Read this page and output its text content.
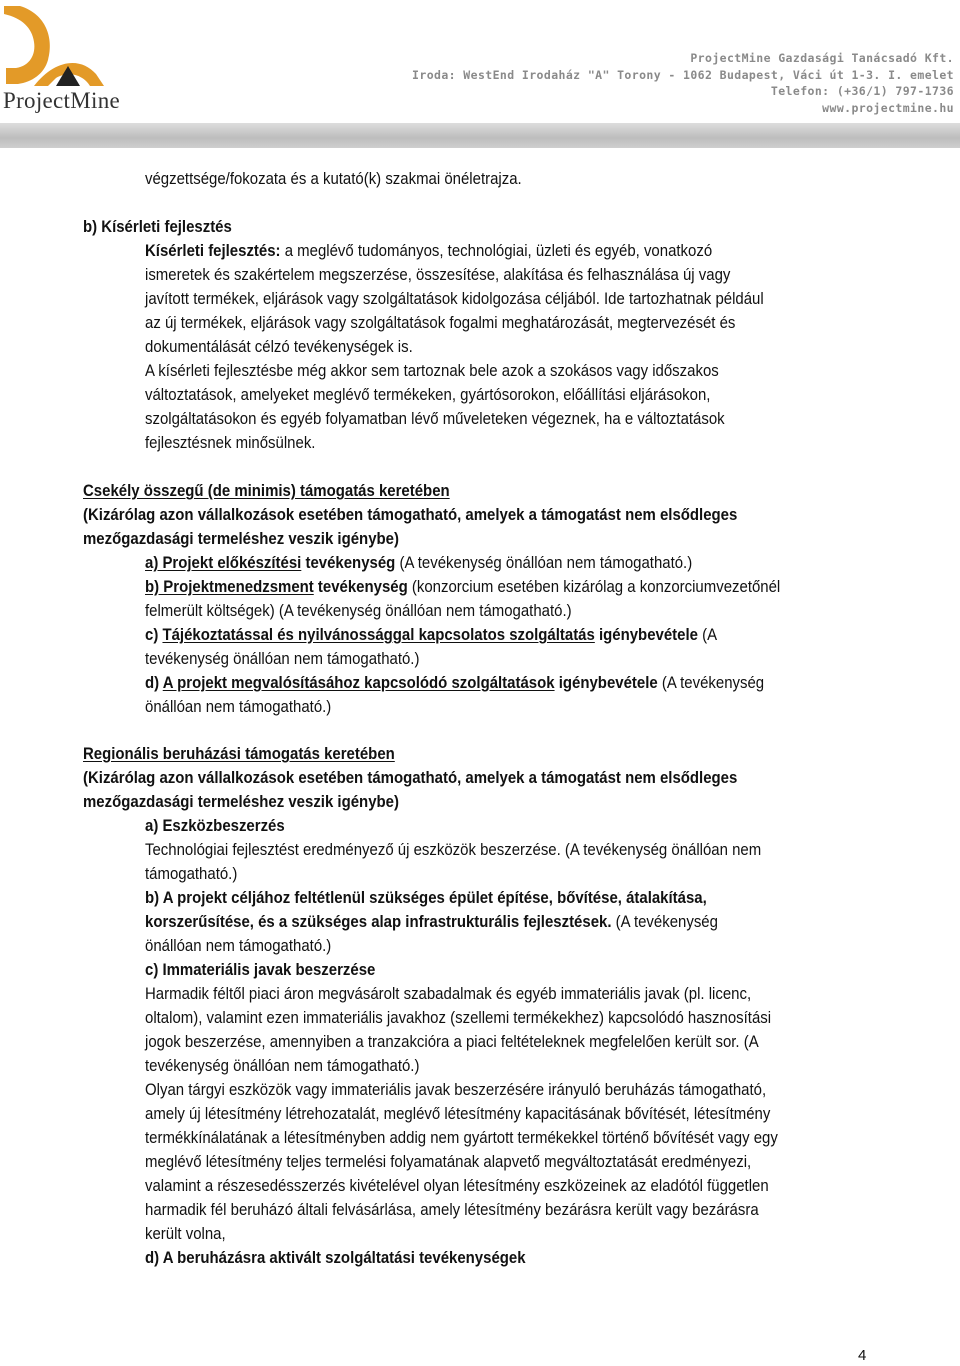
ProjectMine
ProjectMine Gazdasági Tanácsadó Kft.
Iroda: WestEnd Irodaház "A" Torony - 1062 Budapest, Váci út 1-3. I. emelet
Telefon: (+36/1) 797-1736
www.projectmine.hu
végzettsége/fokozata és a kutató(k) szakmai önéletrajza.
b) Kísérleti fejlesztés
Kísérleti fejlesztés: a meglévő tudományos, technológiai, üzleti és egyéb, vonatkozó
ismeretek és szakértelem megszerzése, összesítése, alakítása és felhasználása új vagy
javított termékek, eljárások vagy szolgáltatások kidolgozása céljából. Ide tartozhatnak például
az új termékek, eljárások vagy szolgáltatások fogalmi meghatározását, megtervezését és
dokumentálását célzó tevékenységek is.
A kísérleti fejlesztésbe még akkor sem tartoznak bele azok a szokásos vagy időszakos
változtatások, amelyeket meglévő termékeken, gyártósorokon, előállítási eljárásokon,
szolgáltatásokon és egyéb folyamatban lévő műveleteken végeznek, ha e változtatások
fejlesztésnek minősülnek.
Csekély összegű (de minimis) támogatás keretében
(Kizárólag azon vállalkozások esetében támogatható, amelyek a támogatást nem elsődleges
mezőgazdasági termeléshez veszik igénybe)
a) Projekt előkészítési tevékenység (A tevékenység önállóan nem támogatható.)
b) Projektmenedzsment tevékenység (konzorcium esetében kizárólag a konzorciumvezetőnél
felmerült költségek) (A tevékenység önállóan nem támogatható.)
c) Tájékoztatással és nyilvánossággal kapcsolatos szolgáltatás igénybevétele (A
tevékenység önállóan nem támogatható.)
d) A projekt megvalósításához kapcsolódó szolgáltatások igénybevétele (A tevékenység
önállóan nem támogatható.)
Regionális beruházási támogatás keretében
(Kizárólag azon vállalkozások esetében támogatható, amelyek a támogatást nem elsődleges
mezőgazdasági termeléshez veszik igénybe)
a) Eszközbeszerzés
Technológiai fejlesztést eredményező új eszközök beszerzése. (A tevékenység önállóan nem
támogatható.)
b) A projekt céljához feltétlenül szükséges épület építése, bővítése, átalakítása,
korszerűsítése, és a szükséges alap infrastrukturális fejlesztések. (A tevékenység
önállóan nem támogatható.)
c) Immateriális javak beszerzése
Harmadik féltől piaci áron megvásárolt szabadalmak és egyéb immateriális javak (pl. licenc,
oltalom), valamint ezen immateriális javakhoz (szellemi termékekhez) kapcsolódó hasznosítási
jogok beszerzése, amennyiben a tranzakcióra a piaci feltételeknek megfelelően került sor. (A
tevékenység önállóan nem támogatható.)
Olyan tárgyi eszközök vagy immateriális javak beszerzésére irányuló beruházás támogatható,
amely új létesítmény létrehozatalát, meglévő létesítmény kapacitásának bővítését, létesítmény
termékkínálatának a létesítményben addig nem gyártott termékekkel történő bővítését vagy egy
meglévő létesítmény teljes termelési folyamatának alapvető megváltoztatását eredményezi,
valamint a részesedésszerzés kivételével olyan létesítmény eszközeinek az eladótól független
harmadik fél beruházó általi felvásárlása, amely létesítmény bezárásra került vagy bezárásra
került volna,
d) A beruházásra aktivált szolgáltatási tevékenységek
4
